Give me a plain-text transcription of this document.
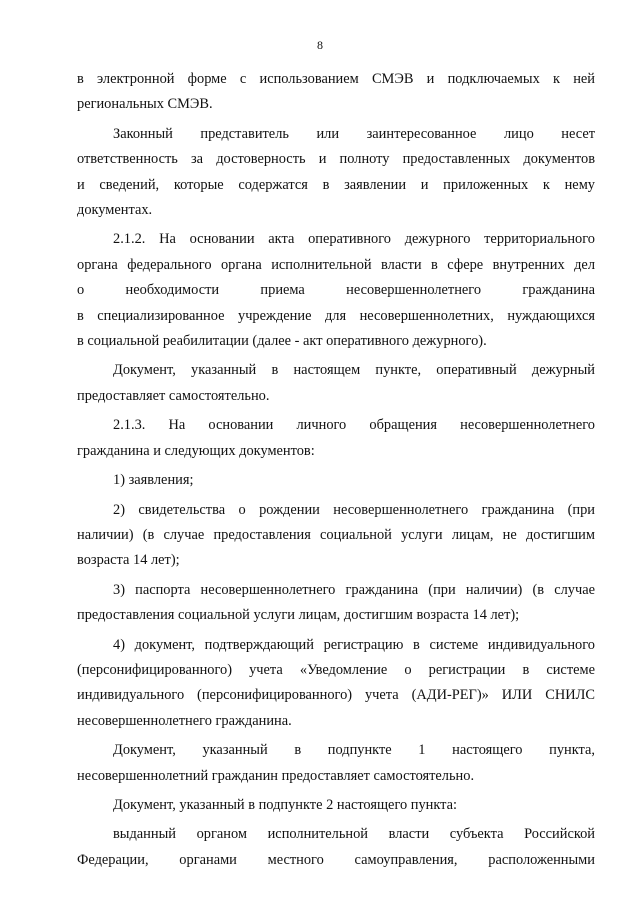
8
в электронной форме с использованием СМЭВ и подключаемых к ней
региональных СМЭВ.
Законный представитель или заинтересованное лицо несет
ответственность за достоверность и полноту предоставленных документов
и сведений, которые содержатся в заявлении и приложенных к нему
документах.
2.1.2. На основании акта оперативного дежурного территориального
органа федерального органа исполнительной власти в сфере внутренних дел
о необходимости приема несовершеннолетнего гражданина
в специализированное учреждение для несовершеннолетних, нуждающихся
в социальной реабилитации (далее - акт оперативного дежурного).
Документ, указанный в настоящем пункте, оперативный дежурный
предоставляет самостоятельно.
2.1.3. На основании личного обращения несовершеннолетнего
гражданина и следующих документов:
1) заявления;
2) свидетельства о рождении несовершеннолетнего гражданина (при
наличии) (в случае предоставления социальной услуги лицам, не достигшим
возраста 14 лет);
3) паспорта несовершеннолетнего гражданина (при наличии) (в случае
предоставления социальной услуги лицам, достигшим возраста 14 лет);
4) документ, подтверждающий регистрацию в системе индивидуального
(персонифицированного) учета «Уведомление о регистрации в системе
индивидуального (персонифицированного) учета (АДИ-РЕГ)» ИЛИ СНИЛС
несовершеннолетнего гражданина.
Документ, указанный в подпункте 1 настоящего пункта,
несовершеннолетний гражданин предоставляет самостоятельно.
Документ, указанный в подпункте 2 настоящего пункта:
выданный органом исполнительной власти субъекта Российской
Федерации, органами местного самоуправления, расположенными
